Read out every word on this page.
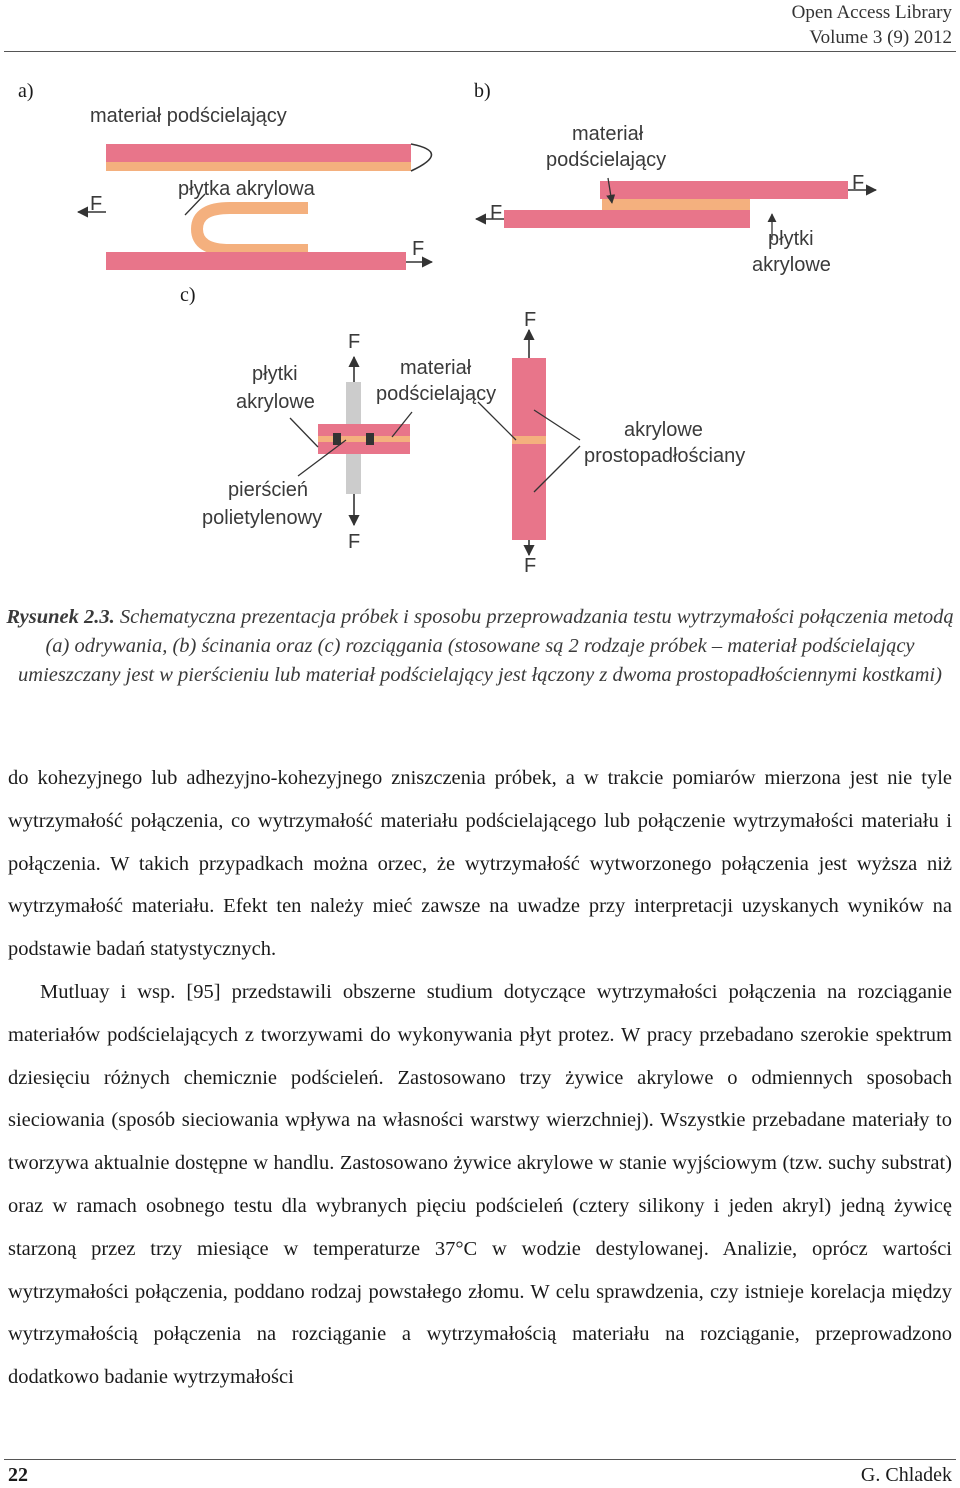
Open Access Library
Volume 3 (9) 2012
a)	b)
c)
materiał podścielający
płytka akrylowa
F
F
materiał
podścielający
płytki
akrylowe
F
F
płytki
akrylowe
pierścień
polietylenowy
materiał
podścielający
F
F
akrylowe
prostopadłościany
F
F
Rysunek 2.3. Schematyczna prezentacja próbek i sposobu przeprowadzania testu wytrzymałości połączenia metodą (a) odrywania, (b) ścinania oraz (c) rozciągania (stosowane są 2 rodzaje próbek – materiał podścielający umieszczany jest w pierścieniu lub materiał podścielający jest łączony z dwoma prostopadłościennymi kostkami)

do kohezyjnego lub adhezyjno-kohezyjnego zniszczenia próbek, a w trakcie pomiarów mierzona jest nie tyle wytrzymałość połączenia, co wytrzymałość materiału podścielającego lub połączenie wytrzymałości materiału i połączenia. W takich przypadkach można orzec, że wytrzymałość wytworzonego połączenia jest wyższa niż wytrzymałość materiału. Efekt ten należy mieć zawsze na uwadze przy interpretacji uzyskanych wyników na podstawie badań statystycznych.

Mutluay i wsp. [95] przedstawili obszerne studium dotyczące wytrzymałości połączenia na rozciąganie materiałów podścielających z tworzywami do wykonywania płyt protez. W pracy przebadano szerokie spektrum dziesięciu różnych chemicznie podścieleń. Zastosowano trzy żywice akrylowe o odmiennych sposobach sieciowania (sposób sieciowania wpływa na własności warstwy wierzchniej). Wszystkie przebadane materiały to tworzywa aktualnie dostępne w handlu. Zastosowano żywice akrylowe w stanie wyjściowym (tzw. suchy substrat) oraz w ramach osobnego testu dla wybranych pięciu podścieleń (cztery silikony i jeden akryl) jedną żywicę starzoną przez trzy miesiące w temperaturze 37°C w wodzie destylowanej. Analizie, oprócz wartości wytrzymałości połączenia, poddano rodzaj powstałego złomu. W celu sprawdzenia, czy istnieje korelacja między wytrzymałością połączenia na rozciąganie a wytrzymałością materiału na rozciąganie, przeprowadzono dodatkowo badanie wytrzymałości

22	G. Chladek
